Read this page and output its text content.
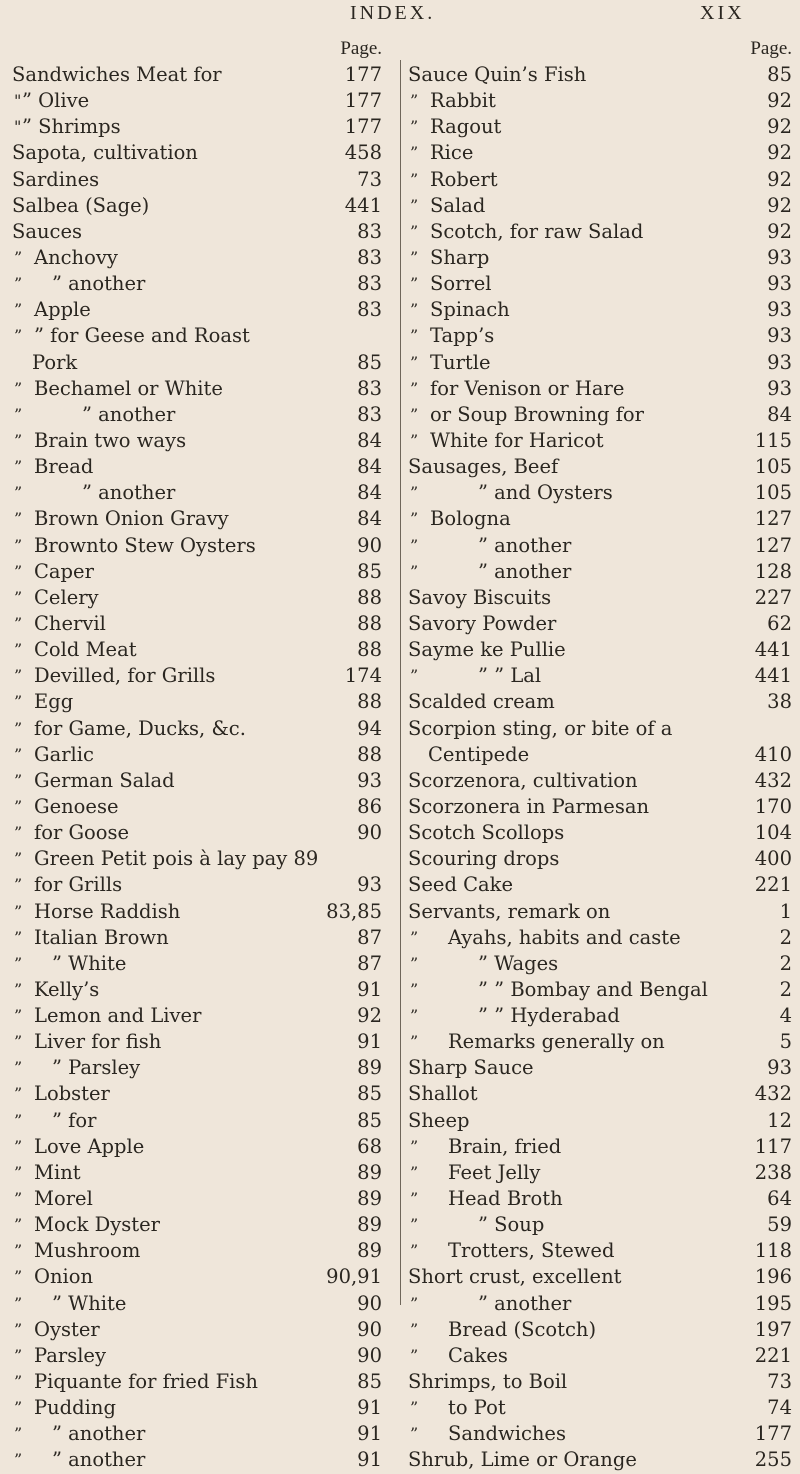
INDEX.	XIX
Page.
Sandwiches Meat for	177
" ” Olive	177
" ” Shrimps	177
Sapota, cultivation	458
Sardines	73
Salbea (Sage)	441
Sauces	83
” Anchovy	83
” ” another	83
” Apple	83
” ” for Geese and Roast
Pork	85
” Bechamel or White	83
”	” another	83
” Brain two ways	84
” Bread	84
”	” another	84
” Brown Onion Gravy	84
” Brownto Stew Oysters	90
” Caper	85
” Celery	88
” Chervil	88
” Cold Meat	88
” Devilled, for Grills	174
” Egg	88
” for Game, Ducks, &c.	94
” Garlic	88
” German Salad	93
” Genoese	86
” for Goose	90
” Green Petit pois à lay pay 89
” for Grills	93
” Horse Raddish	83,85
” Italian Brown	87
” ” White	87
” Kelly’s	91
” Lemon and Liver	92
” Liver for fish	91
” ” Parsley	89
” Lobster	85
” ” for	85
” Love Apple	68
” Mint	89
” Morel	89
” Mock Dyster	89
” Mushroom	89
” Onion	90,91
” ” White	90
” Oyster	90
” Parsley	90
” Piquante for fried Fish	85
” Pudding	91
” ” another	91
” ” another	91
Page.
Sauce Quin’s Fish	85
” Rabbit	92
” Ragout	92
” Rice	92
” Robert	92
” Salad	92
” Scotch, for raw Salad	92
” Sharp	93
” Sorrel	93
” Spinach	93
” Tapp’s	93
” Turtle	93
” for Venison or Hare	93
” or Soup Browning for	84
” White for Haricot	115
Sausages, Beef	105
”	” and Oysters	105
” Bologna	127
”	” another	127
”	” another	128
Savoy Biscuits	227
Savory Powder	62
Sayme ke Pullie	441
”	” ” Lal	441
Scalded cream	38
Scorpion sting, or bite of a
Centipede	410
Scorzenora, cultivation	432
Scorzonera in Parmesan	170
Scotch Scollops	104
Scouring drops	400
Seed Cake	221
Servants, remark on	1
” Ayahs, habits and caste	2
”	” Wages	2
”	” ” Bombay and Bengal	2
”	” ” Hyderabad	4
” Remarks generally on	5
Sharp Sauce	93
Shallot	432
Sheep	12
” Brain, fried	117
” Feet Jelly	238
” Head Broth	64
”	” Soup	59
” Trotters, Stewed	118
Short crust, excellent	196
”	” another	195
” Bread (Scotch)	197
” Cakes	221
Shrimps, to Boil	73
” to Pot	74
” Sandwiches	177
Shrub, Lime or Orange	255
